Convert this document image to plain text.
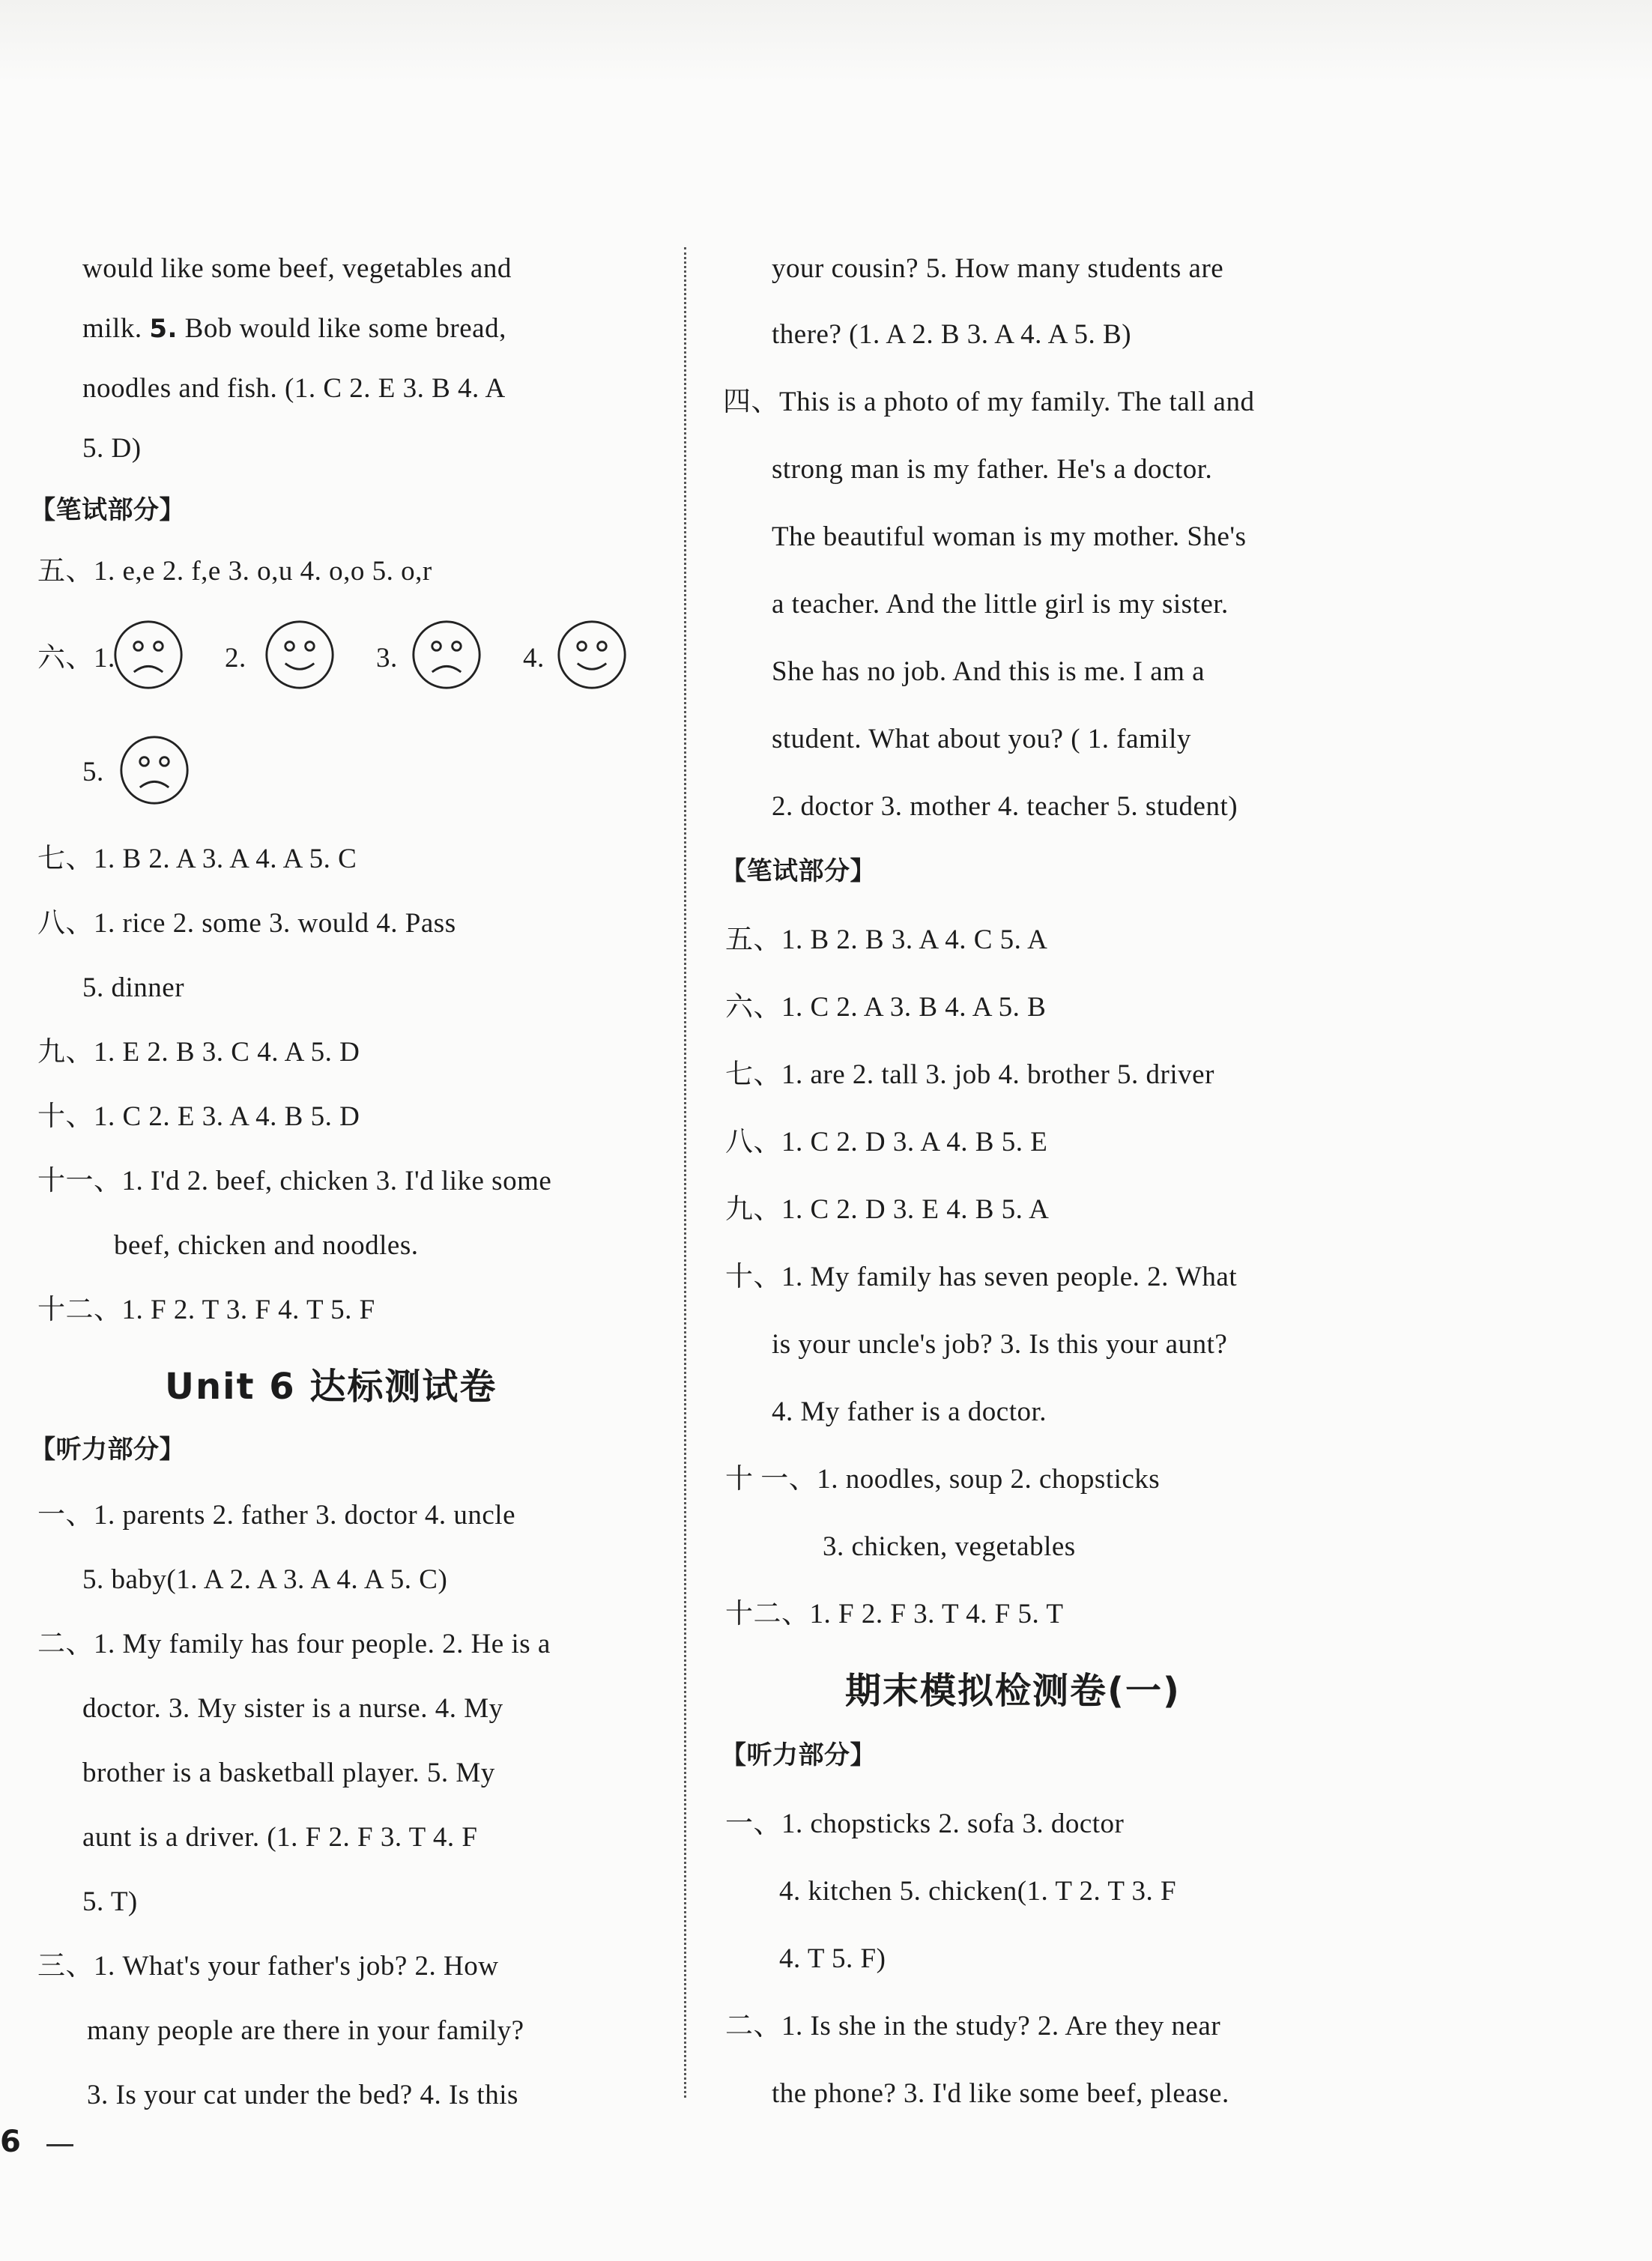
would like some beef, vegetables and
milk. 5. Bob would like some bread,
noodles and fish. (1. C 2. E 3. B 4. A
5. D)
【笔试部分】
五、1. e,e 2. f,e 3. o,u 4. o,o 5. o,r
六、1.	2.	3.	4.
5.
七、1. B 2. A 3. A 4. A 5. C
八、1. rice 2. some 3. would 4. Pass
5. dinner
九、1. E 2. B 3. C 4. A 5. D
十、1. C 2. E 3. A 4. B 5. D
十一、1. I'd 2. beef, chicken 3. I'd like some
beef, chicken and noodles.
十二、1. F 2. T 3. F 4. T 5. F
Unit 6 达标测试卷
【听力部分】
一、1. parents 2. father 3. doctor 4. uncle
5. baby(1. A 2. A 3. A 4. A 5. C)
二、1. My family has four people. 2. He is a
doctor. 3. My sister is a nurse. 4. My
brother is a basketball player. 5. My
aunt is a driver. (1. F 2. F 3. T 4. F
5. T)
三、1. What's your father's job? 2. How
many people are there in your family?
3. Is your cat under the bed? 4. Is this
your cousin? 5. How many students are
there? (1. A 2. B 3. A 4. A 5. B)
四、This is a photo of my family. The tall and
strong man is my father. He's a doctor.
The beautiful woman is my mother. She's
a teacher. And the little girl is my sister.
She has no job. And this is me. I am a
student. What about you? ( 1. family
2. doctor 3. mother 4. teacher 5. student)
【笔试部分】
五、1. B 2. B 3. A 4. C 5. A
六、1. C 2. A 3. B 4. A 5. B
七、1. are 2. tall 3. job 4. brother 5. driver
八、1. C 2. D 3. A 4. B 5. E
九、1. C 2. D 3. E 4. B 5. A
十、1. My family has seven people. 2. What
is your uncle's job? 3. Is this your aunt?
4. My father is a doctor.
十 一、1. noodles, soup 2. chopsticks
3. chicken, vegetables
十二、1. F 2. F 3. T 4. F 5. T
期末模拟检测卷(一)
【听力部分】
一、1. chopsticks 2. sofa 3. doctor
4. kitchen 5. chicken(1. T 2. T 3. F
4. T 5. F)
二、1. Is she in the study? 2. Are they near
the phone? 3. I'd like some beef, please.
6
